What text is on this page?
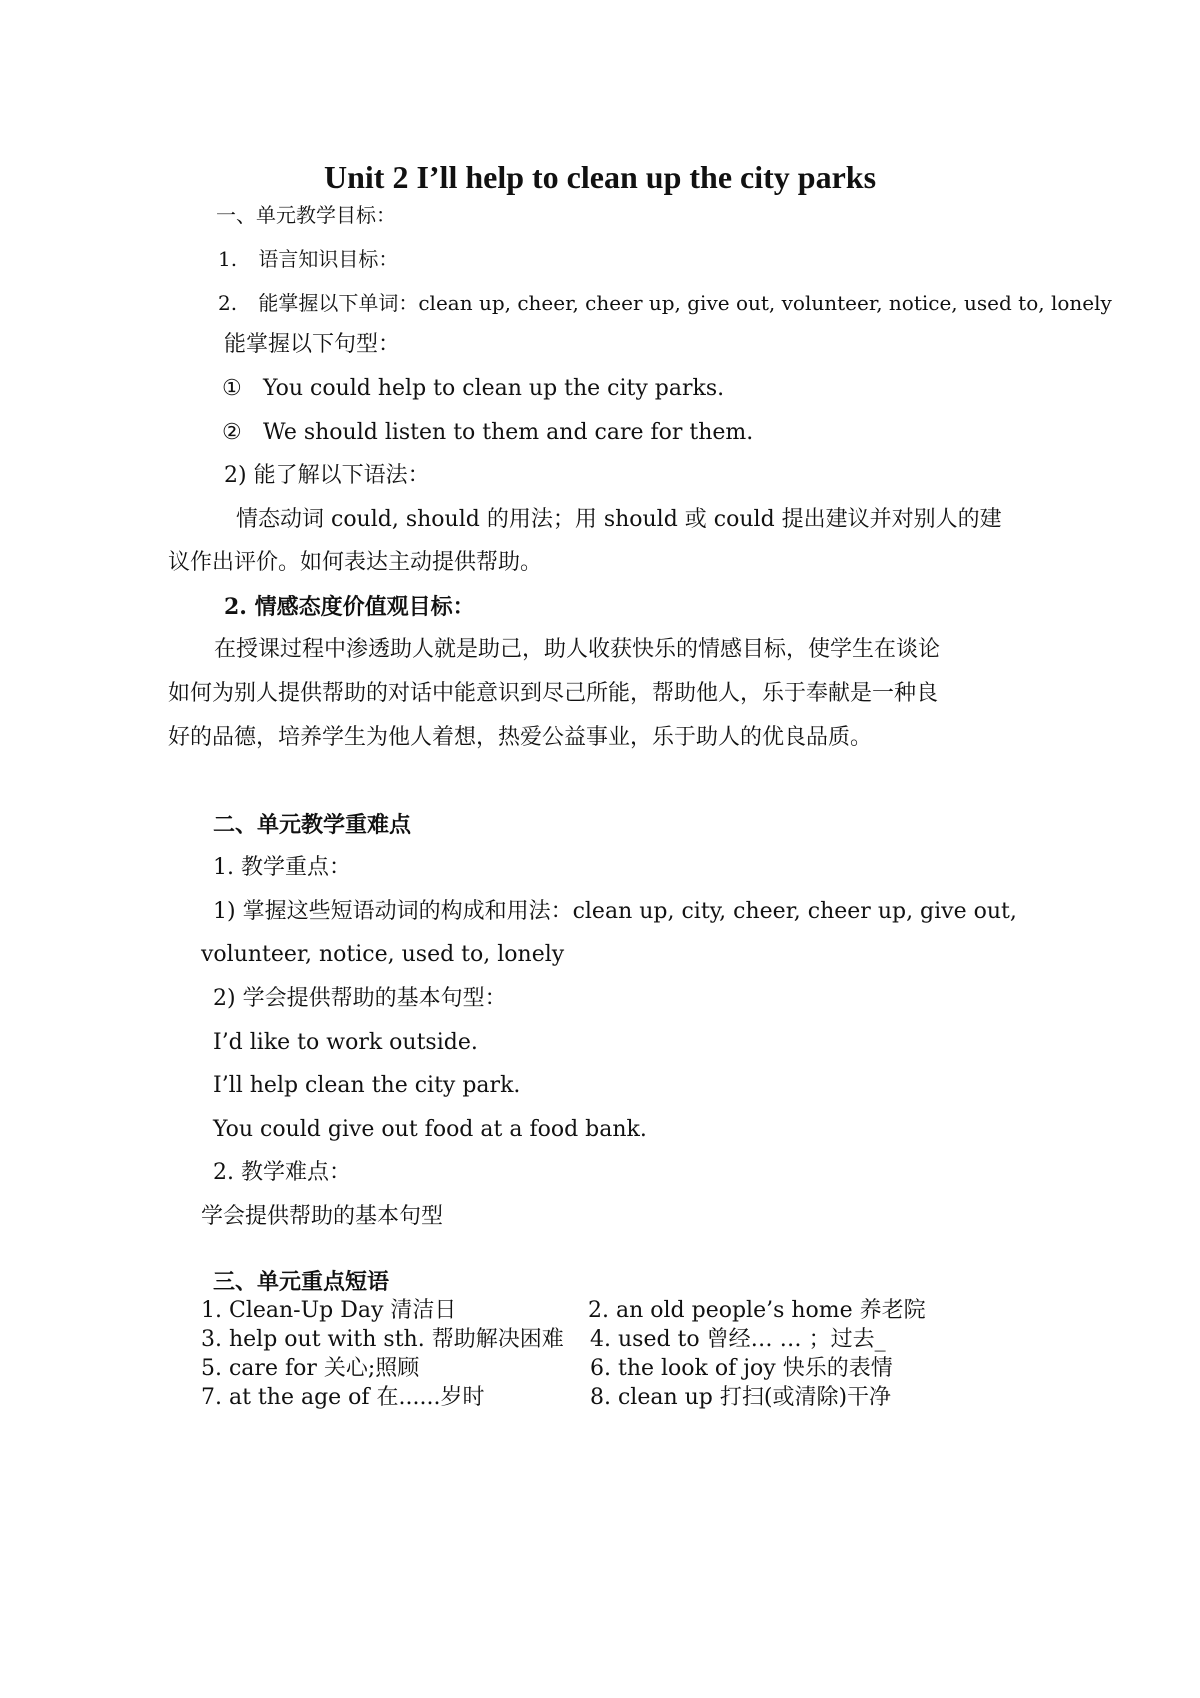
Unit 2 I’ll help to clean up the city parks
一、单元教学目标：
1. 语言知识目标：
2. 能掌握以下单词：clean up, cheer, cheer up, give out, volunteer, notice, used to, lonely
能掌握以下句型：
① You could help to clean up the city parks.
② We should listen to them and care for them.
2) 能了解以下语法：
情态动词 could, should 的用法；用 should 或 could 提出建议并对别人的建
议作出评价。如何表达主动提供帮助。
2. 情感态度价值观目标：
在授课过程中渗透助人就是助己，助人收获快乐的情感目标，使学生在谈论
如何为别人提供帮助的对话中能意识到尽己所能，帮助他人，乐于奉献是一种良
好的品德，培养学生为他人着想，热爱公益事业，乐于助人的优良品质。
二、单元教学重难点
1. 教学重点：
1) 掌握这些短语动词的构成和用法：clean up, city, cheer, cheer up, give out,
volunteer, notice, used to, lonely
2) 学会提供帮助的基本句型：
I’d like to work outside.
I’ll help clean the city park.
You could give out food at a food bank.
2. 教学难点：
学会提供帮助的基本句型
三、单元重点短语
1. Clean-Up Day 清洁日	2. an old people’s home 养老院
3. help out with sth. 帮助解决困难 4. used to 曾经… … ；过去_
5. care for 关心;照顾	6. the look of joy 快乐的表情
7. at the age of 在......岁时	8. clean up 打扫(或清除)干净
